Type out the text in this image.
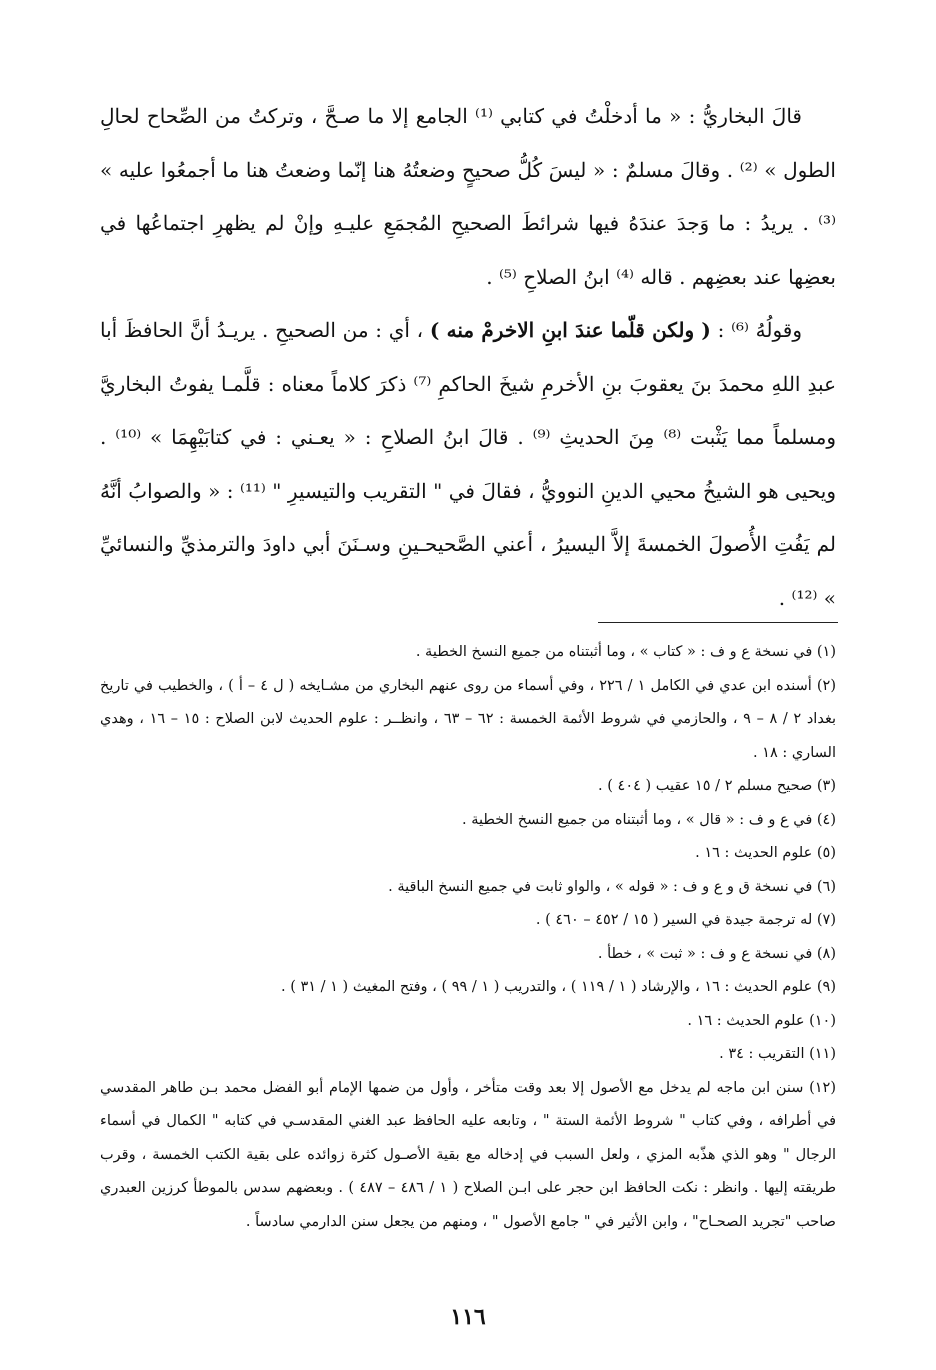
قالَ البخاريُّ : « ما أدخلْتُ في كتابي ⁽¹⁾ الجامع إلا ما صـحَّ ، وتركتُ من الصِّحاح لحالِ الطول » ⁽²⁾ . وقالَ مسلمٌ : « ليسَ كُلُّ صحيحٍ وضعتُهُ هنا إنّما وضعتُ هنا ما أجمعُوا عليه » ⁽³⁾ . يريدُ : ما وَجدَ عندَهُ فيها شرائطَ الصحيحِ المُجمَعِ عليـهِ وإنْ لم يظهرِ اجتماعُها في بعضِها عند بعضِهم . قاله ⁽⁴⁾ ابنُ الصلاحِ ⁽⁵⁾ .

وقولُهُ ⁽⁶⁾ : ( ولكن قلّما عندَ ابنِ الاخرمْ منه ) ، أي : من الصحيحِ . يريـدُ أنَّ الحافظَ أبا عبدِ اللهِ محمدَ بنَ يعقوبَ بنِ الأخرمِ شيخَ الحاكمِ ⁽⁷⁾ ذكرَ كلاماً معناه : قلَّمـا يفوتُ البخاريَّ ومسلماً مما يَثْبت ⁽⁸⁾ مِنَ الحديثِ ⁽⁹⁾ . قالَ ابنُ الصلاحِ : « يعـني : في كتابَيْهِمَا » ⁽¹⁰⁾ . ويحيى هو الشيخُ محيي الدينِ النوويُّ ، فقالَ في " التقريب والتيسيرِ " ⁽¹¹⁾ : « والصوابُ أنَّهُ لم يَفُتِ الأُصولَ الخمسةَ إلاَّ اليسيرُ ، أعني الصَّحيحـينِ وسـنَنَ أبي داودَ والترمذيِّ والنسائيِّ » ⁽¹²⁾ .

(١) في نسخة ع و ف : « كتاب » ، وما أثبتناه من جميع النسخ الخطية .

(٢) أسنده ابن عدي في الكامل ١ / ٢٢٦ ، وفي أسماء من روى عنهم البخاري من مشـايخه ( ل ٤ – أ ) ، والخطيب في تاريخ بغداد ٢ / ٨ – ٩ ، والحازمي في شروط الأئمة الخمسة : ٦٢ – ٦٣ ، وانظــر : علوم الحديث لابن الصلاح : ١٥ – ١٦ ، وهدي الساري : ١٨ .

(٣) صحيح مسلم ٢ / ١٥ عقيب ( ٤٠٤ ) .

(٤) في ع و ف : « قال » ، وما أثبتناه من جميع النسخ الخطية .

(٥) علوم الحديث : ١٦ .

(٦) في نسخة ق و ع و ف : « قوله » ، والواو ثابت في جميع النسخ الباقية .

(٧) له ترجمة جيدة في السير ( ١٥ / ٤٥٢ – ٤٦٠ ) .

(٨) في نسخة ع و ف : « ثبت » ، خطأ .

(٩) علوم الحديث : ١٦ ، والإرشاد ( ١ / ١١٩ ) ، والتدريب ( ١ / ٩٩ ) ، وفتح المغيث ( ١ / ٣١ ) .

(١٠) علوم الحديث : ١٦ .

(١١) التقريب : ٣٤ .

(١٢) سنن ابن ماجه لم يدخل مع الأصول إلا بعد وقت متأخر ، وأول من ضمها الإمام أبو الفضل محمد بـن طاهر المقدسي في أطرافه ، وفي كتاب " شروط الأئمة الستة " ، وتابعه عليه الحافظ عبد الغني المقدسـي في كتابه " الكمال في أسماء الرجال " وهو الذي هذّبه المزي ، ولعل السبب في إدخاله مع بقية الأصـول كثرة زوائده على بقية الكتب الخمسة ، وقرب طريقته إليها . وانظر : نكت الحافظ ابن حجر على ابـن الصلاح ( ١ / ٤٨٦ – ٤٨٧ ) . وبعضهم سدس بالموطأ كرزين العبدري صاحب "تجريد الصحـاح" ، وابن الأثير في " جامع الأصول " ، ومنهم من يجعل سنن الدارمي سادساً .

١١٦
